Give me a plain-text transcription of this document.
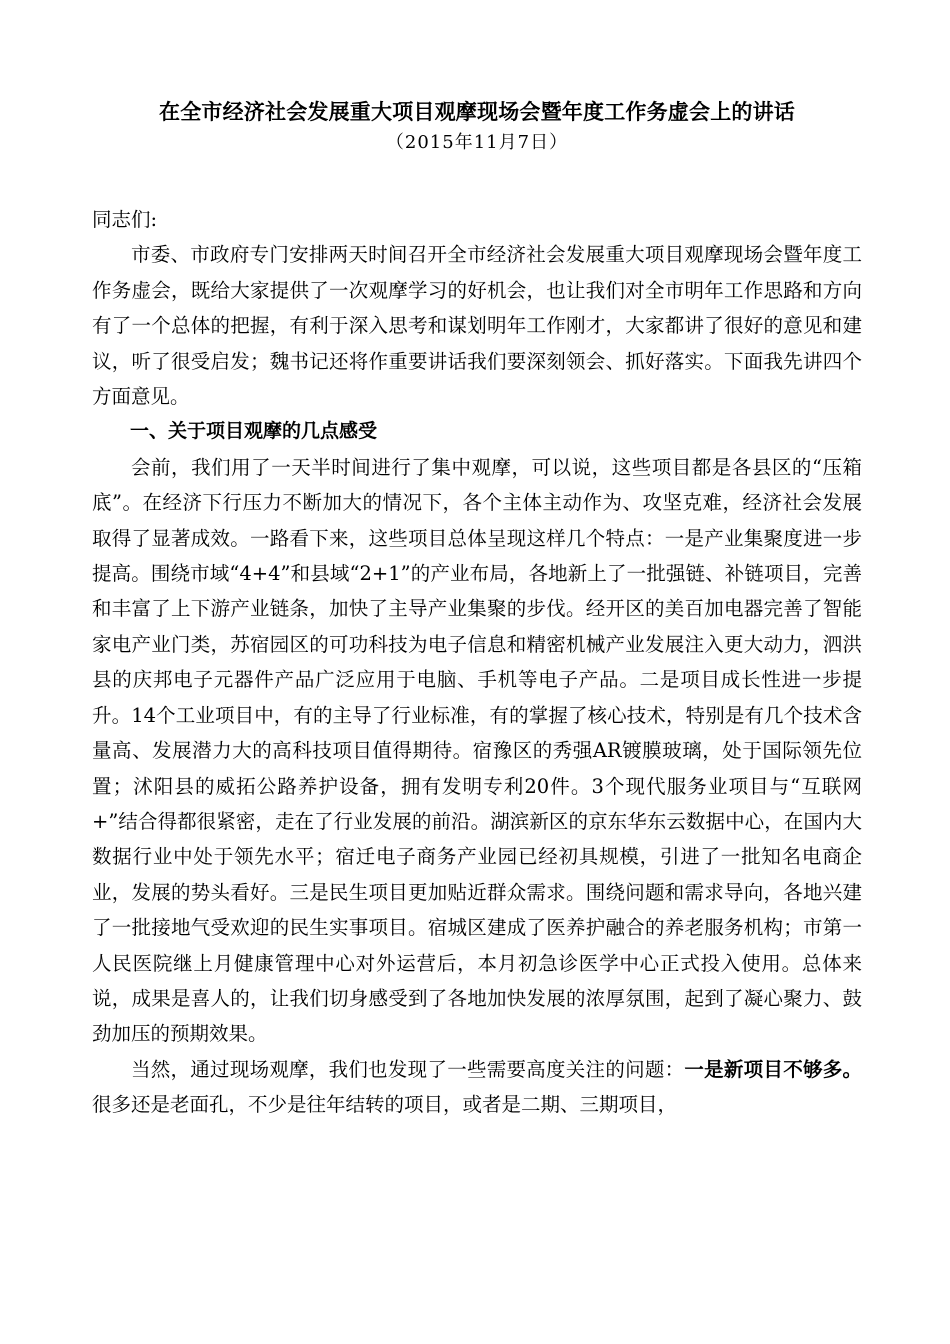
在全市经济社会发展重大项目观摩现场会暨年度工作务虚会上的讲话

（2015年11月7日）

同志们:

市委、市政府专门安排两天时间召开全市经济社会发展重大项目观摩现场会暨年度工作务虚会，既给大家提供了一次观摩学习的好机会，也让我们对全市明年工作思路和方向有了一个总体的把握，有利于深入思考和谋划明年工作刚才，大家都讲了很好的意见和建议，听了很受启发；魏书记还将作重要讲话我们要深刻领会、抓好落实。下面我先讲四个方面意见。

一、关于项目观摩的几点感受

会前，我们用了一天半时间进行了集中观摩，可以说，这些项目都是各县区的“压箱底”。在经济下行压力不断加大的情况下，各个主体主动作为、攻坚克难，经济社会发展取得了显著成效。一路看下来，这些项目总体呈现这样几个特点：一是产业集聚度进一步提高。围绕市域“4+4”和县域“2+1”的产业布局，各地新上了一批强链、补链项目，完善和丰富了上下游产业链条，加快了主导产业集聚的步伐。经开区的美百加电器完善了智能家电产业门类，苏宿园区的可功科技为电子信息和精密机械产业发展注入更大动力，泗洪县的庆邦电子元器件产品广泛应用于电脑、手机等电子产品。二是项目成长性进一步提升。14个工业项目中，有的主导了行业标准，有的掌握了核心技术，特别是有几个技术含量高、发展潜力大的高科技项目值得期待。宿豫区的秀强AR镀膜玻璃，处于国际领先位置；沭阳县的威拓公路养护设备，拥有发明专利20件。3个现代服务业项目与“互联网+”结合得都很紧密，走在了行业发展的前沿。湖滨新区的京东华东云数据中心，在国内大数据行业中处于领先水平；宿迁电子商务产业园已经初具规模，引进了一批知名电商企业，发展的势头看好。三是民生项目更加贴近群众需求。围绕问题和需求导向，各地兴建了一批接地气受欢迎的民生实事项目。宿城区建成了医养护融合的养老服务机构；市第一人民医院继上月健康管理中心对外运营后，本月初急诊医学中心正式投入使用。总体来说，成果是喜人的，让我们切身感受到了各地加快发展的浓厚氛围，起到了凝心聚力、鼓劲加压的预期效果。

当然，通过现场观摩，我们也发现了一些需要高度关注的问题：一是新项目不够多。很多还是老面孔，不少是往年结转的项目，或者是二期、三期项目，
